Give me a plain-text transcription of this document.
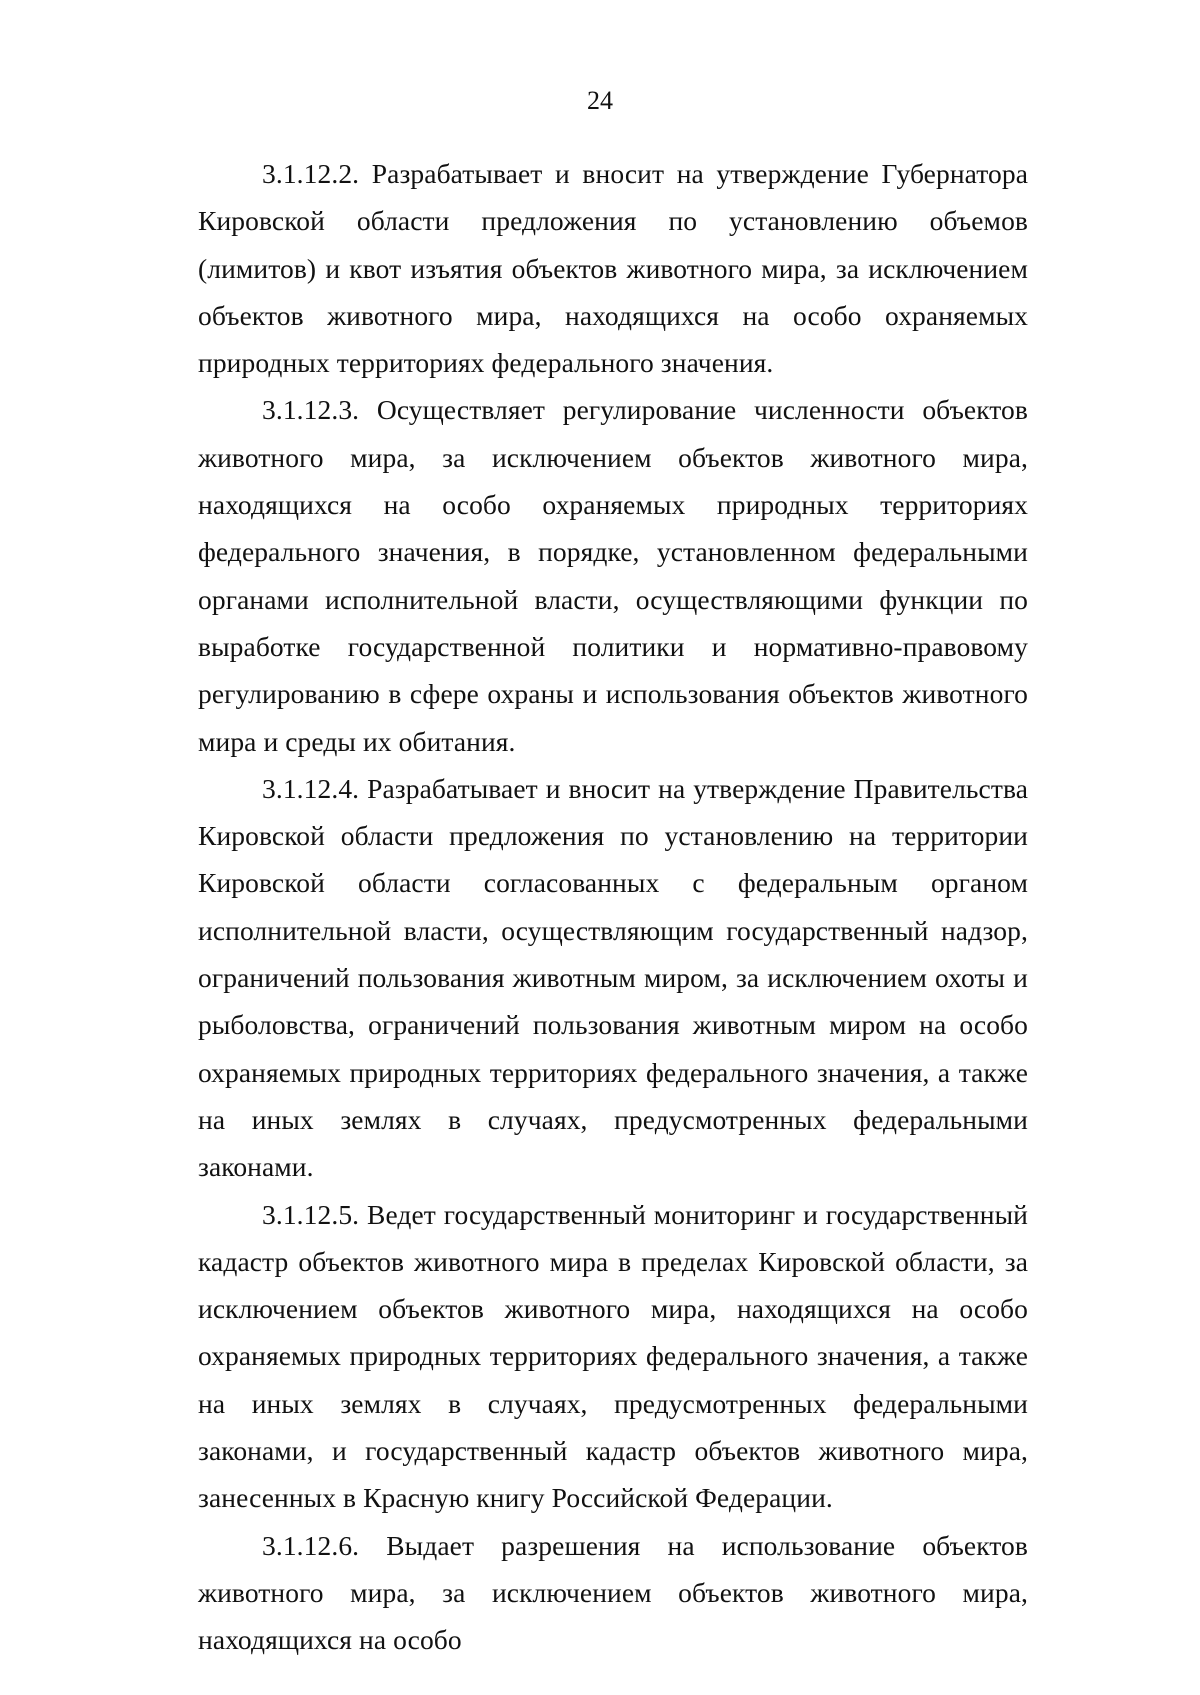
24

3.1.12.2. Разрабатывает и вносит на утверждение Губернатора Кировской области предложения по установлению объемов (лимитов) и квот изъятия объектов животного мира, за исключением объектов животного мира, находящихся на особо охраняемых природных территориях федерального значения.

3.1.12.3. Осуществляет регулирование численности объектов животного мира, за исключением объектов животного мира, находящихся на особо охраняемых природных территориях федерального значения, в порядке, установленном федеральными органами исполнительной власти, осуществляющими функции по выработке государственной политики и нормативно-правовому регулированию в сфере охраны и использования объектов животного мира и среды их обитания.

3.1.12.4. Разрабатывает и вносит на утверждение Правительства Кировской области предложения по установлению на территории Кировской области согласованных с федеральным органом исполнительной власти, осуществляющим государственный надзор, ограничений пользования животным миром, за исключением охоты и рыболовства, ограничений пользования животным миром на особо охраняемых природных территориях федерального значения, а также на иных землях в случаях, предусмотренных федеральными законами.

3.1.12.5. Ведет государственный мониторинг и государственный кадастр объектов животного мира в пределах Кировской области, за исключением объектов животного мира, находящихся на особо охраняемых природных территориях федерального значения, а также на иных землях в случаях, предусмотренных федеральными законами, и государственный кадастр объектов животного мира, занесенных в Красную книгу Российской Федерации.

3.1.12.6. Выдает разрешения на использование объектов животного мира, за исключением объектов животного мира, находящихся на особо
